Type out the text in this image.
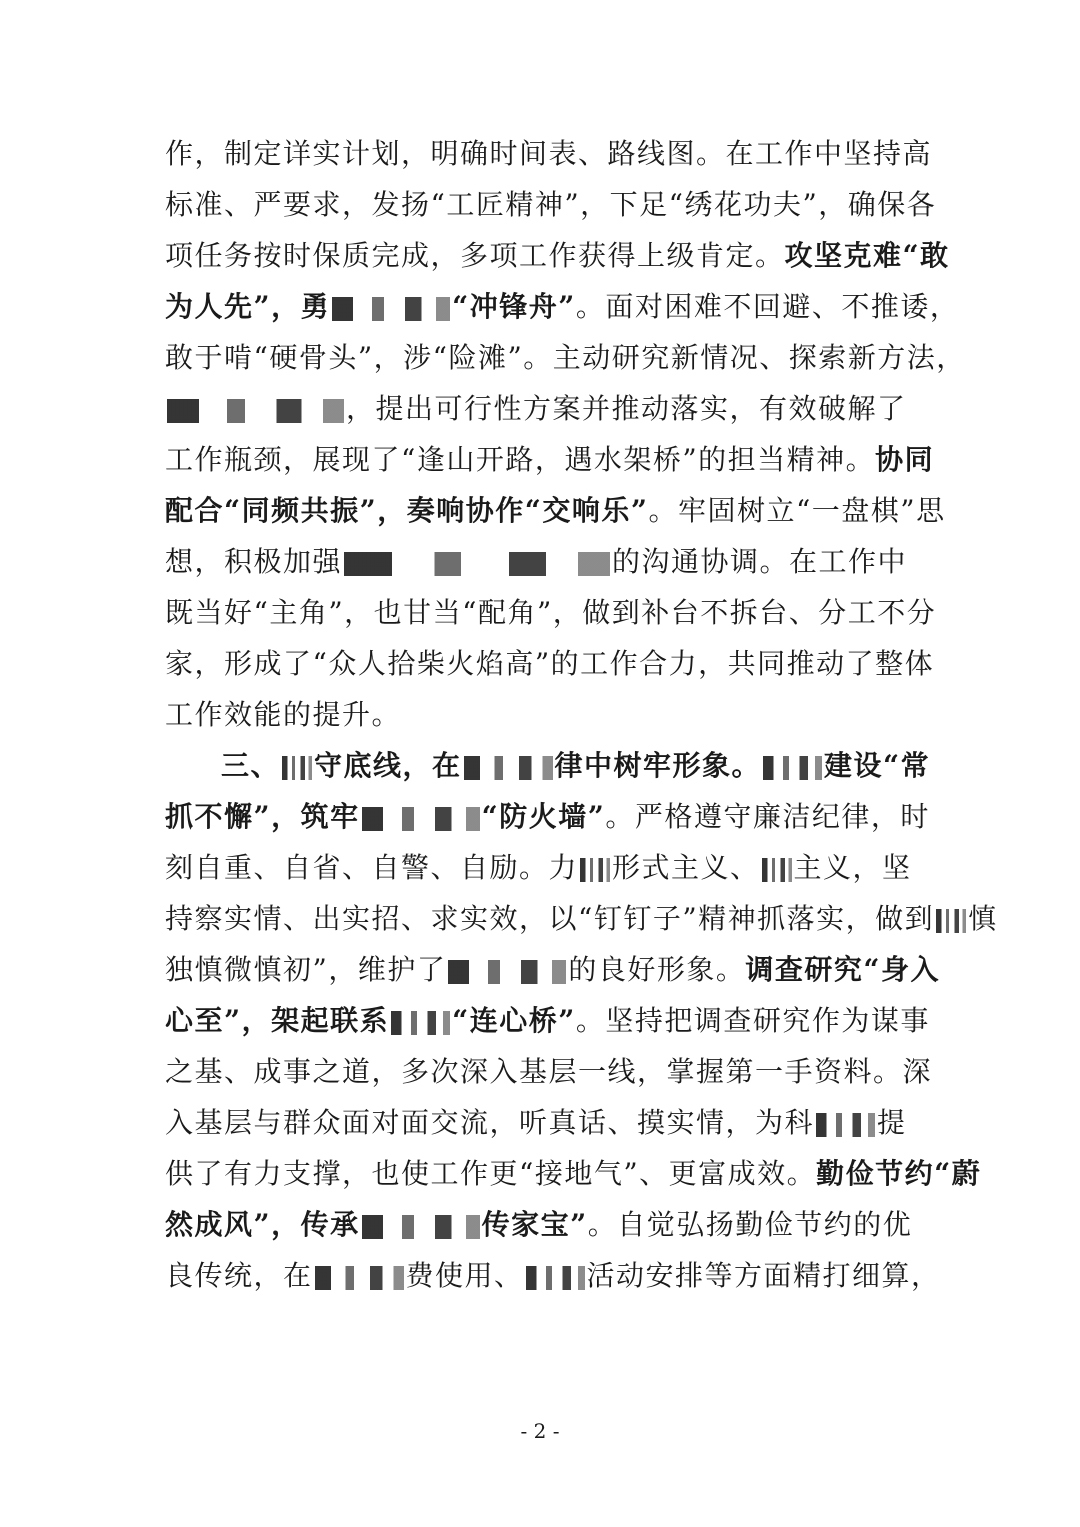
作，制定详实计划，明确时间表、路线图。在工作中坚持高
标准、严要求，发扬“工匠精神”，下足“绣花功夫”，确保各
项任务按时保质完成，多项工作获得上级肯定。攻坚克难“敢
为人先”，勇	“冲锋舟”。面对困难不回避、不推诿，
敢于啃“硬骨头”，涉“险滩”。主动研究新情况、探索新方法，
，提出可行性方案并推动落实，有效破解了
工作瓶颈，展现了“逢山开路，遇水架桥”的担当精神。协同
配合“同频共振”，奏响协作“交响乐”。牢固树立“一盘棋”思
想，积极加强	的沟通协调。在工作中
既当好“主角”，也甘当“配角”，做到补台不拆台、分工不分
家，形成了“众人拾柴火焰高”的工作合力，共同推动了整体
工作效能的提升。
三、 守底线，在	律中树牢形象。 建设“常
抓不懈”，筑牢	“防火墙”。严格遵守廉洁纪律，时
刻自重、自省、自警、自励。力 形式主义、 主义，坚
持察实情、出实招、求实效，以“钉钉子”精神抓落实，做到 慎
独慎微慎初”，维护了	的良好形象。调查研究“身入
心至”，架起联系 “连心桥”。坚持把调查研究作为谋事
之基、成事之道，多次深入基层一线，掌握第一手资料。深
入基层与群众面对面交流，听真话、摸实情，为科 提
供了有力支撑，也使工作更“接地气”、更富成效。勤俭节约“蔚
然成风”，传承	传家宝”。自觉弘扬勤俭节约的优
良传统，在	费使用、 活动安排等方面精打细算，
- 2 -
